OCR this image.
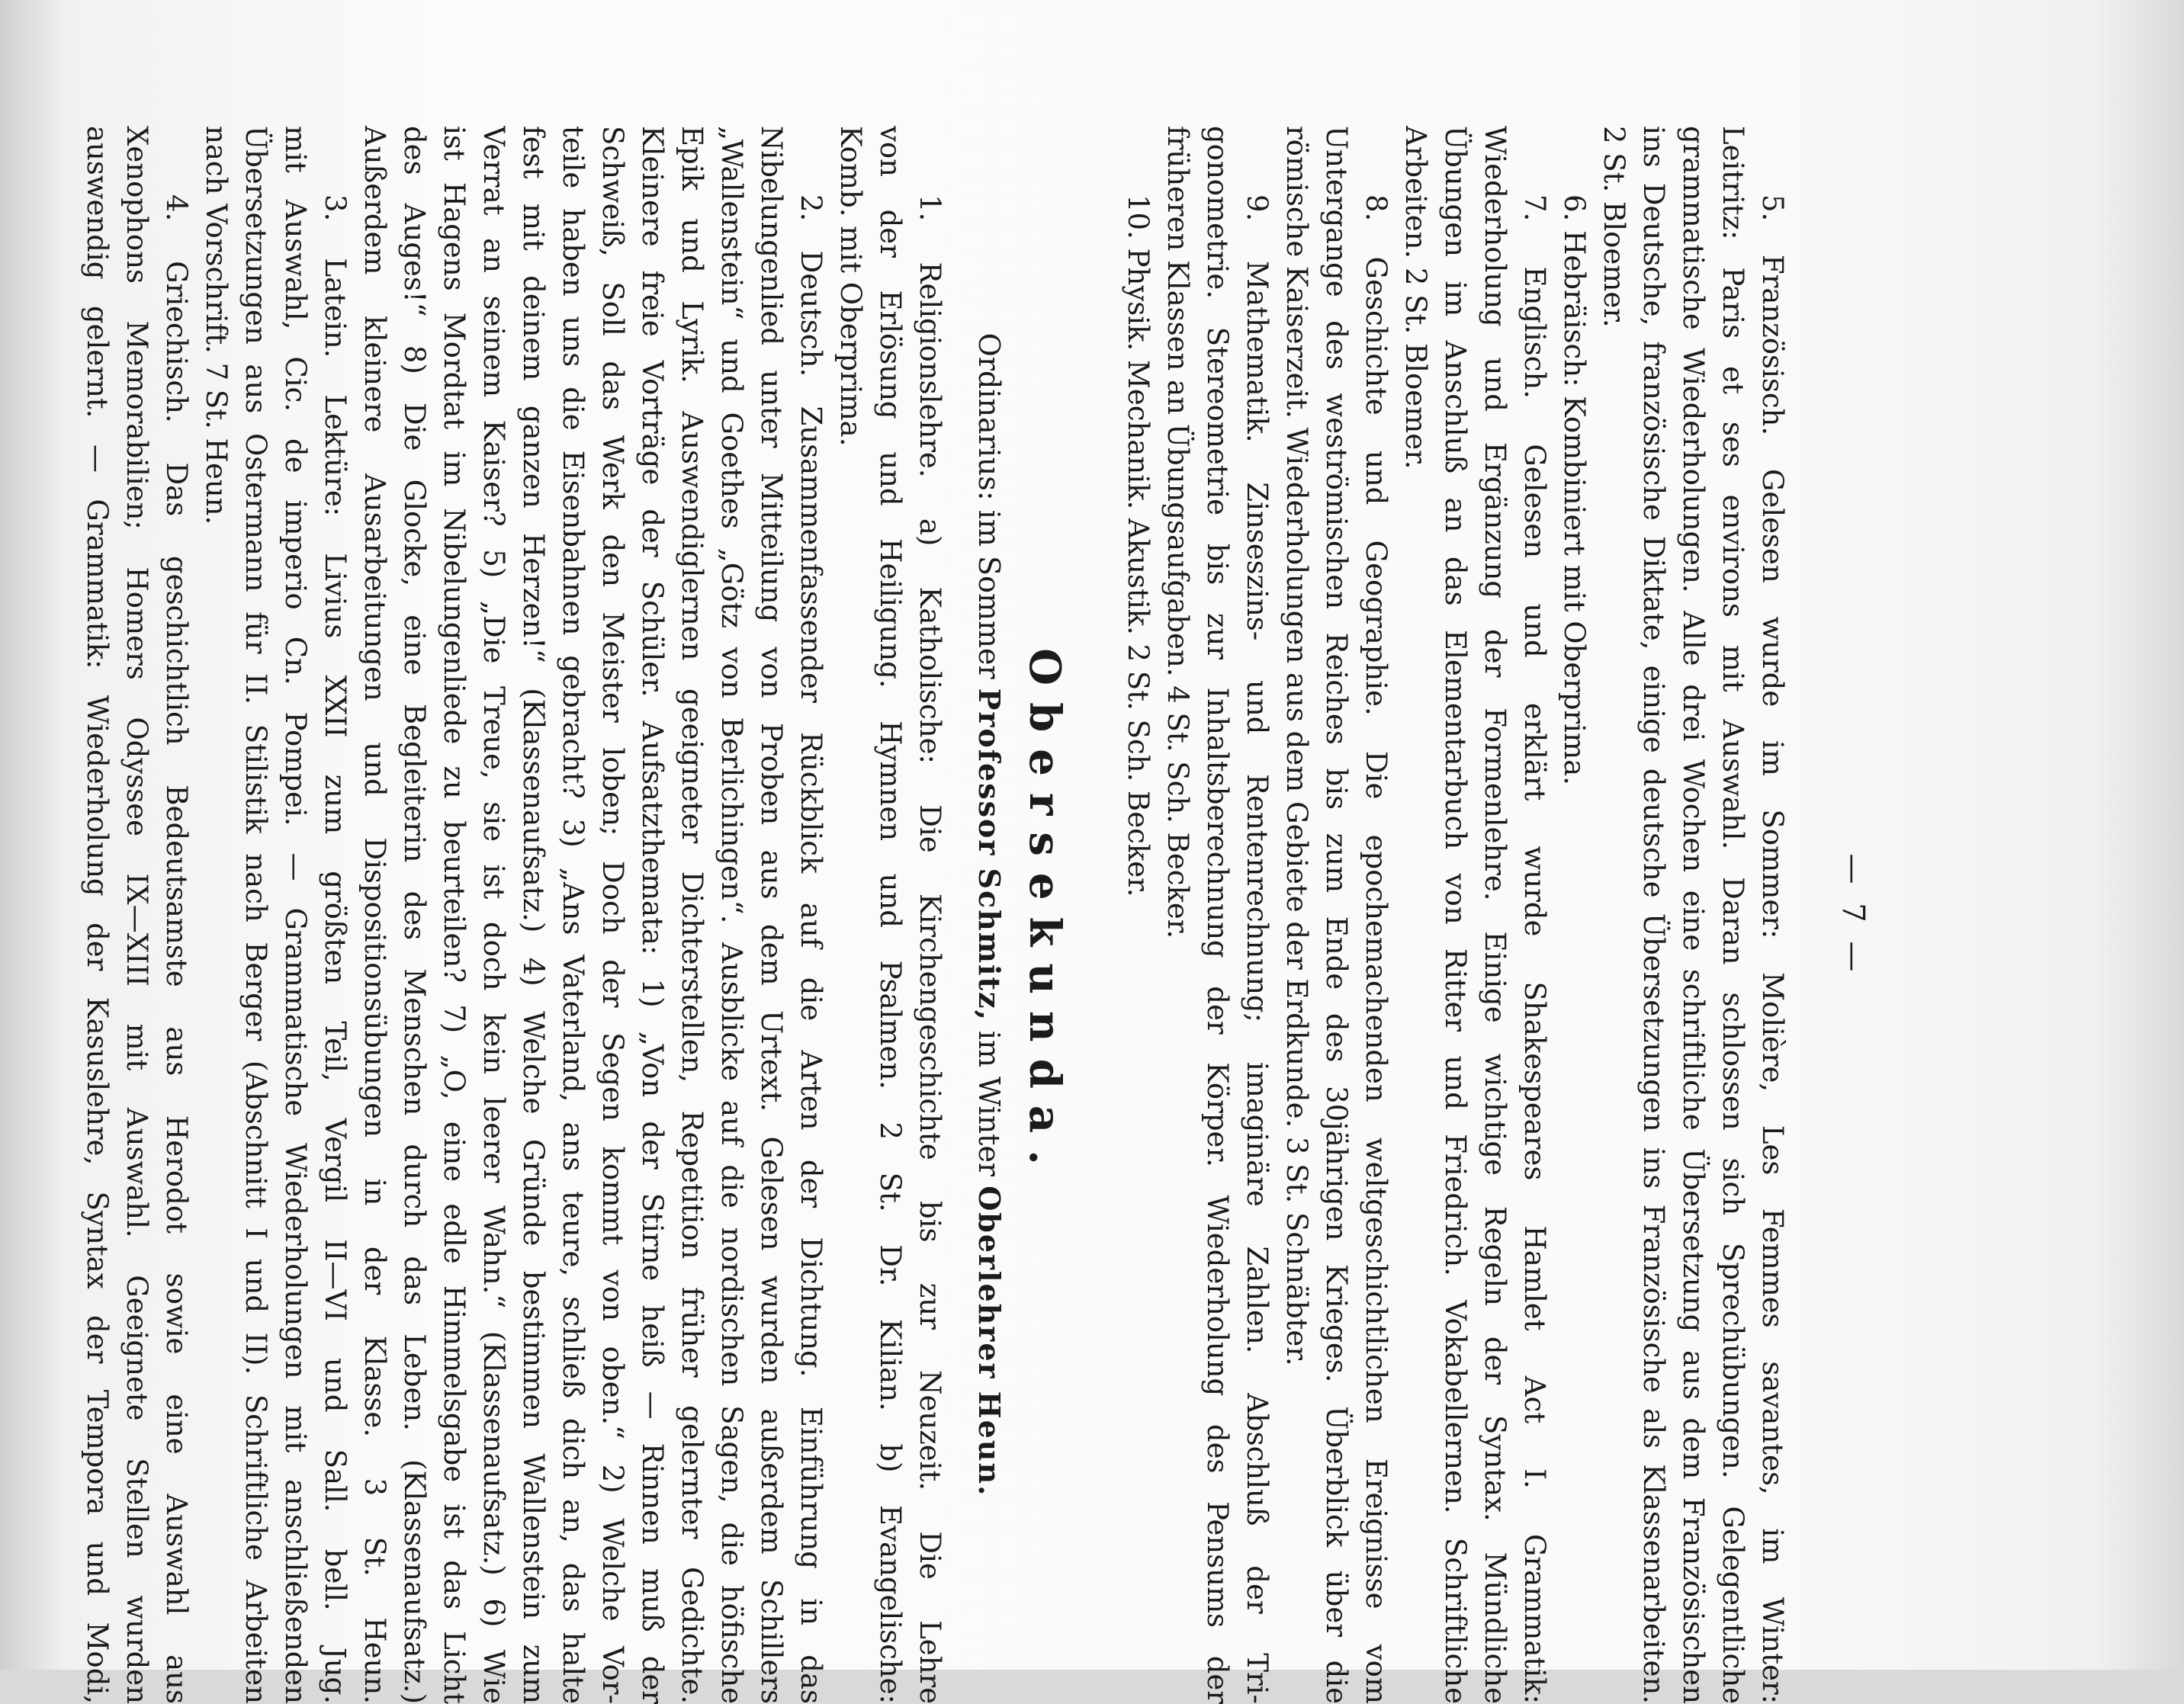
— 7 —
5. Französisch. Gelesen wurde im Sommer: Molière, Les Femmes savantes, im Winter:
Leitritz: Paris et ses environs mit Auswahl. Daran schlossen sich Sprechübungen. Gelegentliche
grammatische Wiederholungen. Alle drei Wochen eine schriftliche Übersetzung aus dem Französischen
ins Deutsche, französische Diktate, einige deutsche Übersetzungen ins Französische als Klassenarbeiten.
2 St. Bloemer.
6. Hebräisch: Kombiniert mit Oberprima.
7. Englisch. Gelesen und erklärt wurde Shakespeares Hamlet Act I. Grammatik:
Wiederholung und Ergänzung der Formenlehre. Einige wichtige Regeln der Syntax. Mündliche
Übungen im Anschluß an das Elementarbuch von Ritter und Friedrich. Vokabellernen. Schriftliche
Arbeiten. 2 St. Bloemer.
8. Geschichte und Geographie. Die epochemachenden weltgeschichtlichen Ereignisse vom
Untergange des weströmischen Reiches bis zum Ende des 30jährigen Krieges. Überblick über die
römische Kaiserzeit. Wiederholungen aus dem Gebiete der Erdkunde. 3 St. Schnäbter.
9. Mathematik. Zinseszins- und Rentenrechnung; imaginäre Zahlen. Abschluß der Tri-
gonometrie. Stereometrie bis zur Inhaltsberechnung der Körper. Wiederholung des Pensums der
früheren Klassen an Übungsaufgaben. 4 St. Sch. Becker.
10. Physik. Mechanik. Akustik. 2 St. Sch. Becker.
Obersekunda.
Ordinarius: im Sommer Professor Schmitz, im Winter Oberlehrer Heun.
1. Religionslehre. a) Katholische: Die Kirchengeschichte bis zur Neuzeit. Die Lehre
von der Erlösung und Heiligung. Hymnen und Psalmen. 2 St. Dr. Kilian. b) Evangelische:
Komb. mit Oberprima.
2. Deutsch. Zusammenfassender Rückblick auf die Arten der Dichtung. Einführung in das
Nibelungenlied unter Mitteilung von Proben aus dem Urtext. Gelesen wurden außerdem Schillers
„Wallenstein“ und Goethes „Götz von Berlichingen“. Ausblicke auf die nordischen Sagen, die höfische
Epik und Lyrik. Auswendiglernen geeigneter Dichterstellen, Repetition früher gelernter Gedichte.
Kleinere freie Vorträge der Schüler. Aufsatzthemata: 1) „Von der Stirne heiß — Rinnen muß der
Schweiß, Soll das Werk den Meister loben; Doch der Segen kommt von oben.“ 2) Welche Vor-
teile haben uns die Eisenbahnen gebracht? 3) „Ans Vaterland, ans teure, schließ dich an, das halte
fest mit deinem ganzen Herzen!“ (Klassenaufsatz.) 4) Welche Gründe bestimmen Wallenstein zum
Verrat an seinem Kaiser? 5) „Die Treue, sie ist doch kein leerer Wahn.“ (Klassenaufsatz.) 6) Wie
ist Hagens Mordtat im Nibelungenliede zu beurteilen? 7) „O, eine edle Himmelsgabe ist das Licht
des Auges!“ 8) Die Glocke, eine Begleiterin des Menschen durch das Leben. (Klassenaufsatz.)
Außerdem kleinere Ausarbeitungen und Dispositionsübungen in der Klasse. 3 St. Heun.
3. Latein. Lektüre: Livius XXII zum größten Teil, Vergil II—VI und Sall. bell. Jug.
mit Auswahl, Cic. de imperio Cn. Pompei. — Grammatische Wiederholungen mit anschließenden
Übersetzungen aus Ostermann für II. Stilistik nach Berger (Abschnitt I und II). Schriftliche Arbeiten
nach Vorschrift. 7 St. Heun.
4. Griechisch. Das geschichtlich Bedeutsamste aus Herodot sowie eine Auswahl aus
Xenophons Memorabilien; Homers Odyssee IX—XIII mit Auswahl. Geeignete Stellen wurden
auswendig gelernt. — Grammatik: Wiederholung der Kasuslehre, Syntax der Tempora und Modi,
